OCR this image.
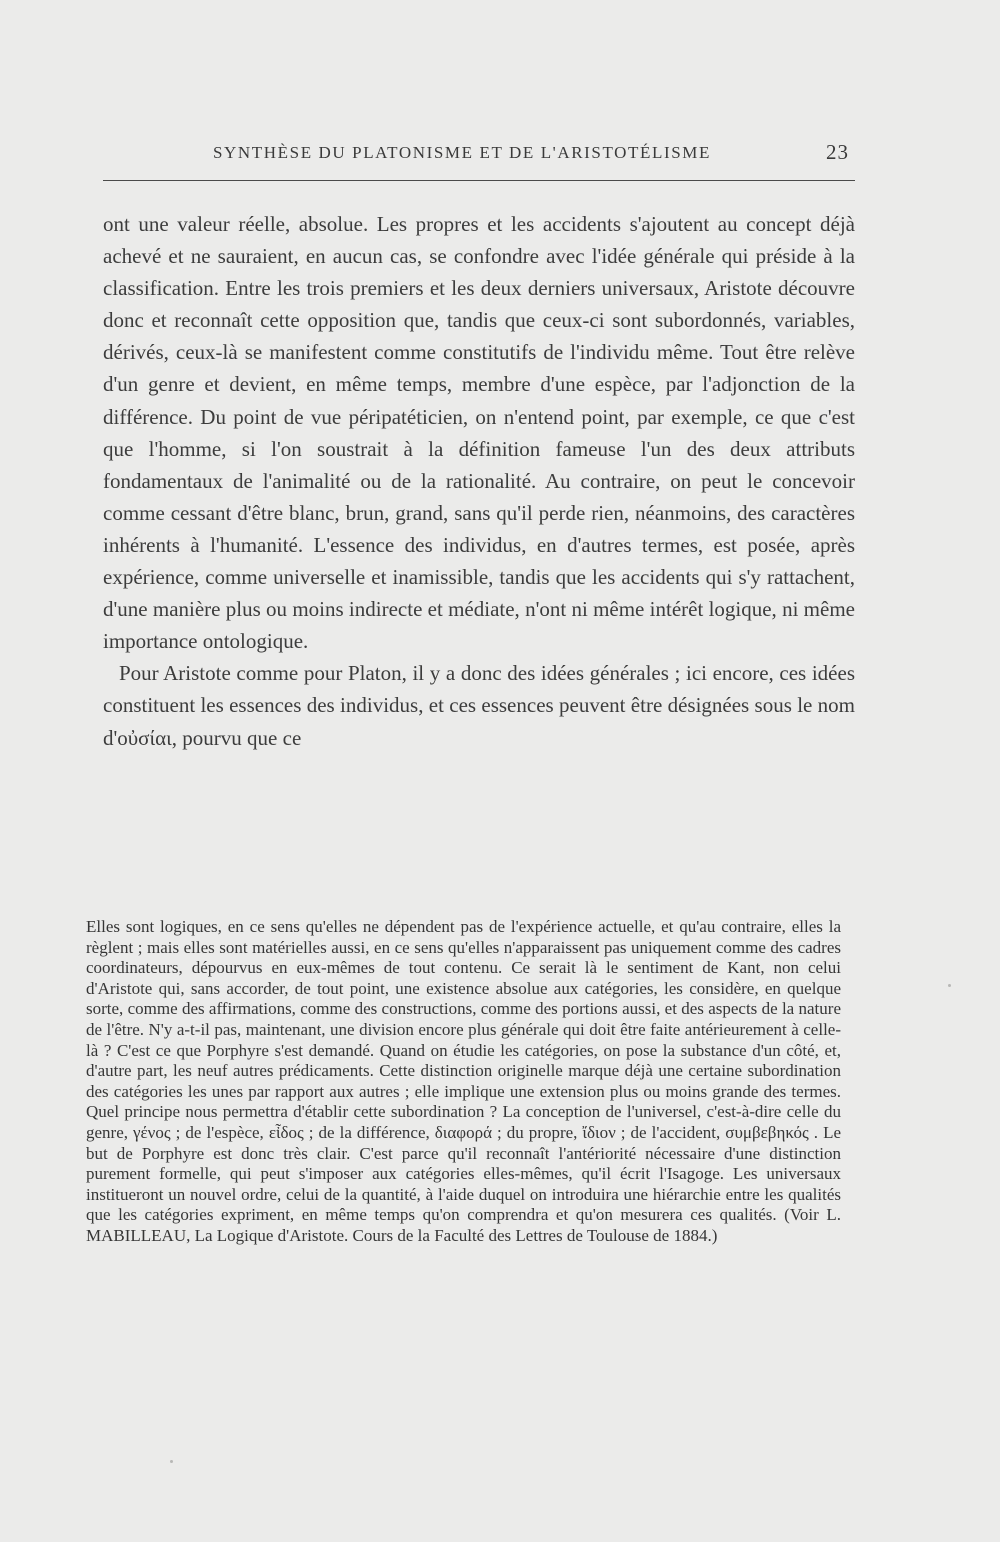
SYNTHÈSE DU PLATONISME ET DE L'ARISTOTÉLISME	23

ont une valeur réelle, absolue. Les propres et les accidents s'ajoutent au concept déjà achevé et ne sauraient, en aucun cas, se confondre avec l'idée générale qui préside à la classification. Entre les trois premiers et les deux derniers universaux, Aristote découvre donc et reconnaît cette opposition que, tandis que ceux-ci sont subordonnés, variables, dérivés, ceux-là se manifestent comme constitutifs de l'individu même. Tout être relève d'un genre et devient, en même temps, membre d'une espèce, par l'adjonction de la différence. Du point de vue péripatéticien, on n'entend point, par exemple, ce que c'est que l'homme, si l'on soustrait à la définition fameuse l'un des deux attributs fondamentaux de l'animalité ou de la rationalité. Au contraire, on peut le concevoir comme cessant d'être blanc, brun, grand, sans qu'il perde rien, néanmoins, des caractères inhérents à l'humanité. L'essence des individus, en d'autres termes, est posée, après expérience, comme universelle et inamissible, tandis que les accidents qui s'y rattachent, d'une manière plus ou moins indirecte et médiate, n'ont ni même intérêt logique, ni même importance ontologique.

Pour Aristote comme pour Platon, il y a donc des idées générales ; ici encore, ces idées constituent les essences des individus, et ces essences peuvent être désignées sous le nom d'οὐσίαι, pourvu que ce

Elles sont logiques, en ce sens qu'elles ne dépendent pas de l'expérience actuelle, et qu'au contraire, elles la règlent ; mais elles sont matérielles aussi, en ce sens qu'elles n'apparaissent pas uniquement comme des cadres coordinateurs, dépourvus en eux-mêmes de tout contenu. Ce serait là le sentiment de Kant, non celui d'Aristote qui, sans accorder, de tout point, une existence absolue aux catégories, les considère, en quelque sorte, comme des affirmations, comme des constructions, comme des portions aussi, et des aspects de la nature de l'être. N'y a-t-il pas, maintenant, une division encore plus générale qui doit être faite antérieurement à celle-là ? C'est ce que Porphyre s'est demandé. Quand on étudie les catégories, on pose la substance d'un côté, et, d'autre part, les neuf autres prédicaments. Cette distinction originelle marque déjà une certaine subordination des catégories les unes par rapport aux autres ; elle implique une extension plus ou moins grande des termes. Quel principe nous permettra d'établir cette subordination ? La conception de l'universel, c'est-à-dire celle du genre, γένος ; de l'espèce, εἶδος ; de la différence, διαφορά ; du propre, ἴδιον ; de l'accident, συμβεβηκός . Le but de Porphyre est donc très clair. C'est parce qu'il reconnaît l'antériorité nécessaire d'une distinction purement formelle, qui peut s'imposer aux catégories elles-mêmes, qu'il écrit l'Isagoge. Les universaux institueront un nouvel ordre, celui de la quantité, à l'aide duquel on introduira une hiérarchie entre les qualités que les catégories expriment, en même temps qu'on comprendra et qu'on mesurera ces qualités. (Voir L. MABILLEAU, La Logique d'Aristote. Cours de la Faculté des Lettres de Toulouse de 1884.)
